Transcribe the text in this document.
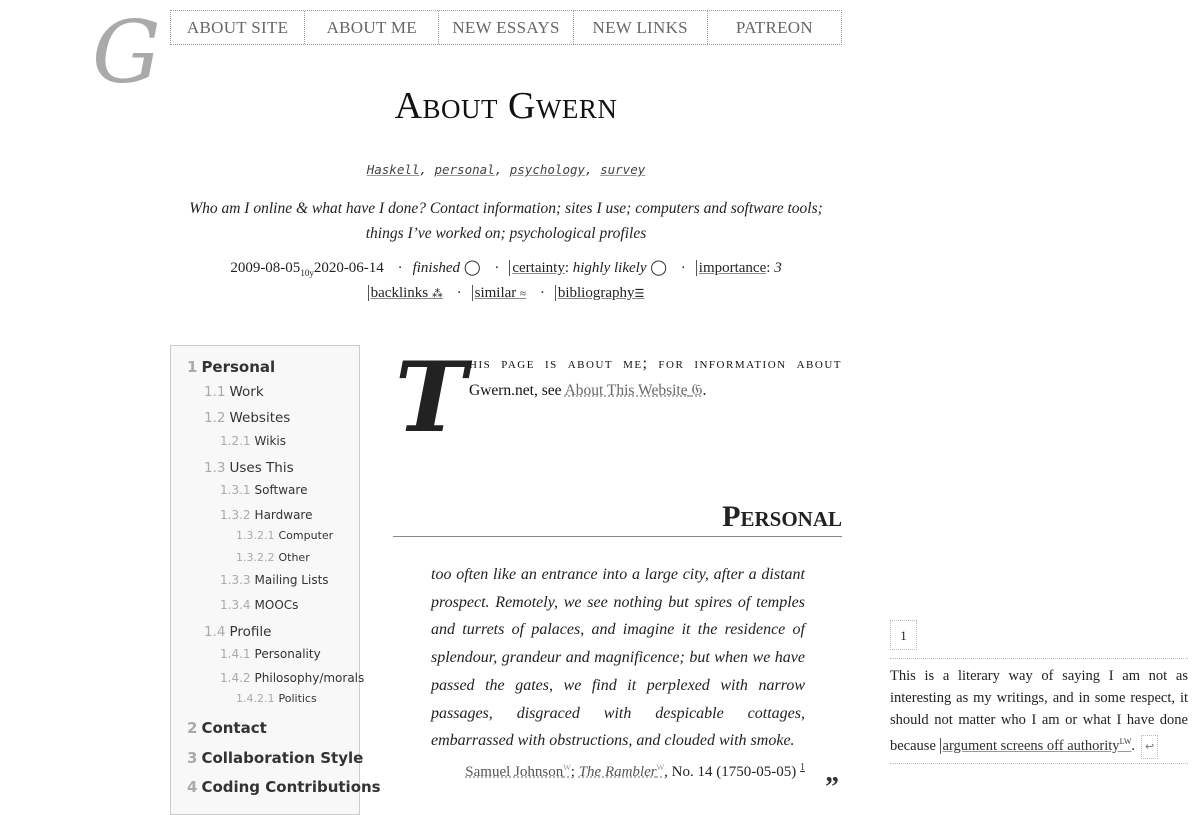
G	ABOUT SITE	ABOUT ME	NEW ESSAYS	NEW LINKS	PATREON
About Gwern
Haskell, personal, psychology, survey
Who am I online & what have I done? Contact information; sites I use; computers and software tools; things I’ve worked on; psychological profiles
$2009-08-05_{10y}2020-06-14$ · finished ◯ · certainty: highly likely ◯ · importance: 3
backlinks ⁂ · similar ≈ · bibliography☰
1 Personal
1.1 Work
1.2 Websites
1.2.1 Wikis
1.3 Uses This
1.3.1 Software
1.3.2 Hardware
1.3.2.1 Computer
1.3.2.2 Other
1.3.3 Mailing Lists
1.3.4 MOOCs
1.4 Profile
1.4.1 Personality
1.4.2 Philosophy/morals
1.4.2.1 Politics
2 Contact
3 Collaboration Style
4 Coding Contributions
T his page is about me; for information about
Gwern.net, see About This Website 𝔊.
Personal
too often like an entrance into a large city, after a distant prospect. Remotely, we see nothing but spires of temples and turrets of palaces, and imagine it the residence of splendour, grandeur and magnificence; but when we have passed the gates, we find it perplexed with narrow passages, disgraced with despicable cottages, embarrassed with obstructions, and clouded with smoke.
Samuel Johnson$^W$; The Rambler$^W$, No. 14 (1750-05-05) $^1$
”
1
This is a literary way of saying I am not as interesting as my writings, and in some respect, it should not matter who I am or what I have done because argument screens off authority$^{LW}$. ↩
